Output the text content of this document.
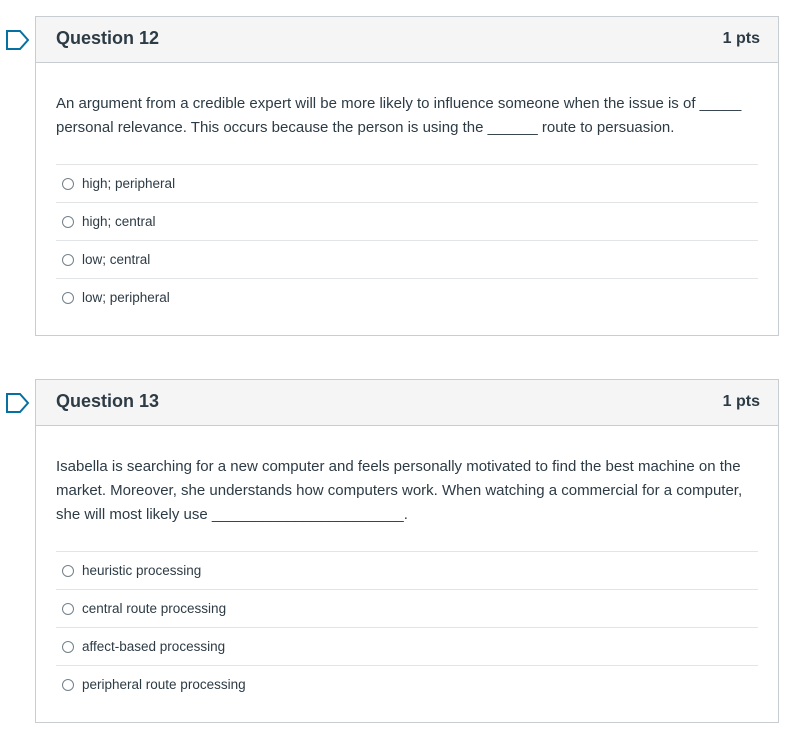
Question 12	1 pts
An argument from a credible expert will be more likely to influence someone when the issue is of _____ personal relevance. This occurs because the person is using the ______ route to persuasion.
high; peripheral
high; central
low; central
low; peripheral
Question 13	1 pts
Isabella is searching for a new computer and feels personally motivated to find the best machine on the market. Moreover, she understands how computers work. When watching a commercial for a computer, she will most likely use _______________________.
heuristic processing
central route processing
affect-based processing
peripheral route processing
